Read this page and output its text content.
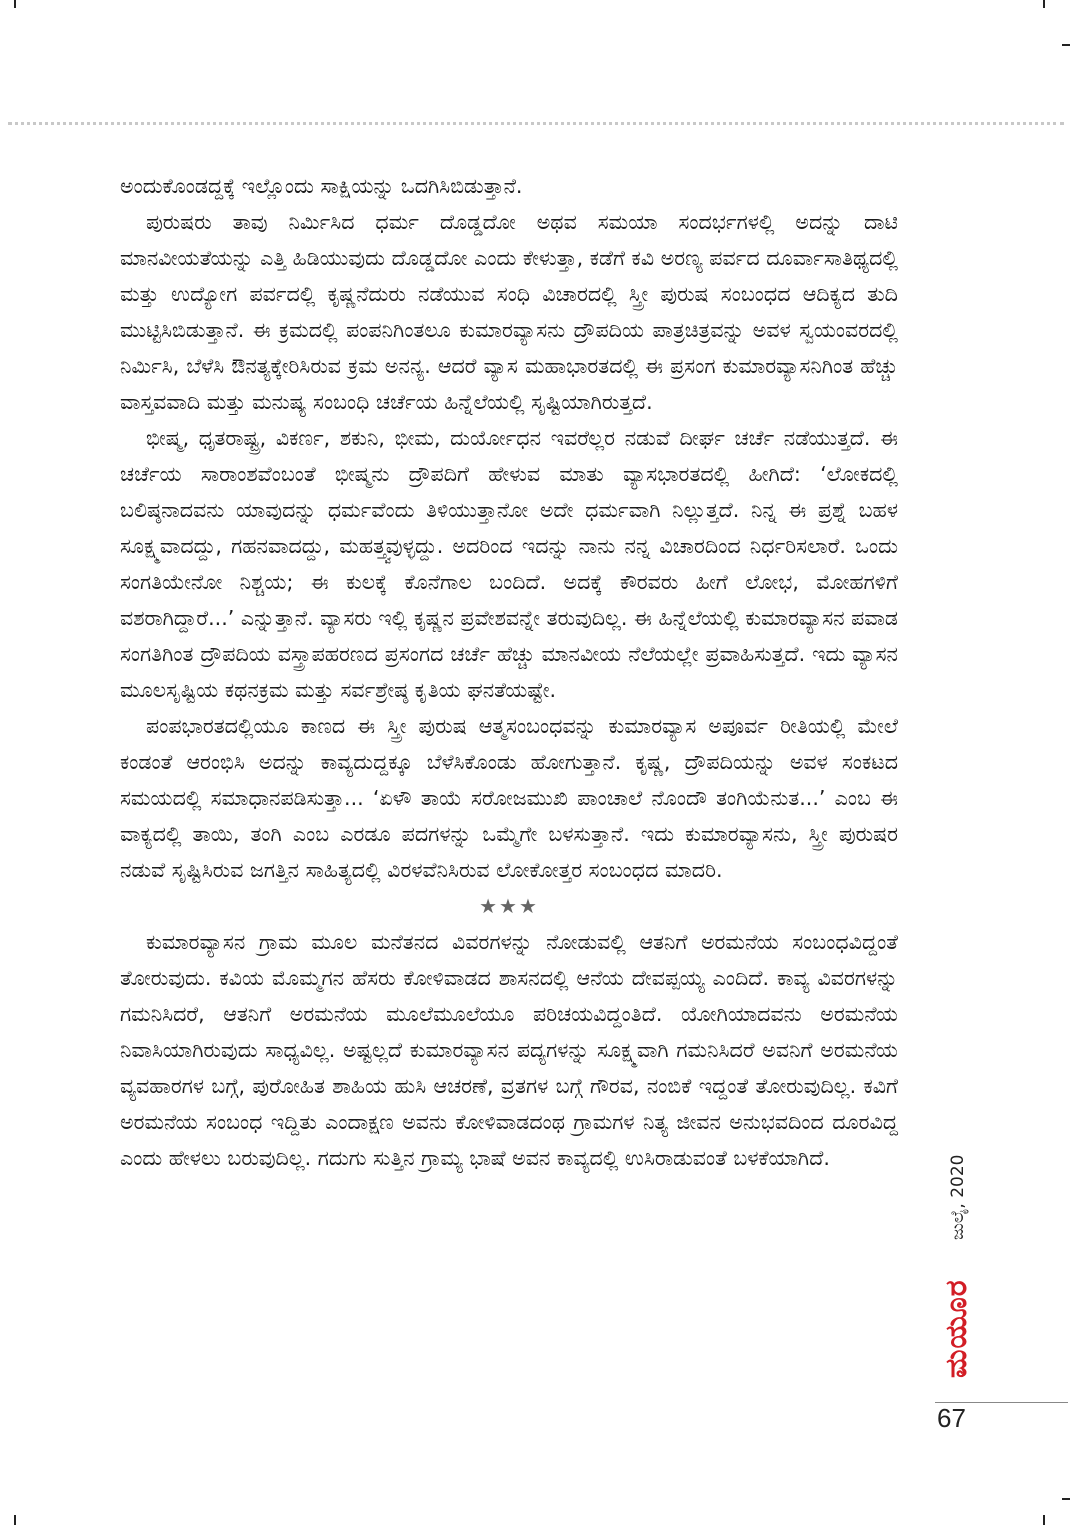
ಅಂದುಕೊಂಡದ್ದಕ್ಕೆ ಇಲ್ಲೊಂದು ಸಾಕ್ಷಿಯನ್ನು ಒದಗಿಸಿಬಿಡುತ್ತಾನೆ.

ಪುರುಷರು ತಾವು ನಿರ್ಮಿಸಿದ ಧರ್ಮ ದೊಡ್ಡದೋ ಅಥವ ಸಮಯಾ ಸಂದರ್ಭಗಳಲ್ಲಿ ಅದನ್ನು ದಾಟಿ ಮಾನವೀಯತೆಯನ್ನು ಎತ್ತಿ ಹಿಡಿಯುವುದು ದೊಡ್ಡದೋ ಎಂದು ಕೇಳುತ್ತಾ, ಕಡೆಗೆ ಕವಿ ಅರಣ್ಯ ಪರ್ವದ ದೂರ್ವಾಸಾತಿಥ್ಯದಲ್ಲಿ ಮತ್ತು ಉದ್ಯೋಗ ಪರ್ವದಲ್ಲಿ ಕೃಷ್ಣನೆದುರು ನಡೆಯುವ ಸಂಧಿ ವಿಚಾರದಲ್ಲಿ ಸ್ತ್ರೀ ಪುರುಷ ಸಂಬಂಧದ ಆದಿಕ್ಯದ ತುದಿ ಮುಟ್ಟಿಸಿಬಿಡುತ್ತಾನೆ. ಈ ಕ್ರಮದಲ್ಲಿ ಪಂಪನಿಗಿಂತಲೂ ಕುಮಾರವ್ಯಾಸನು ದ್ರೌಪದಿಯ ಪಾತ್ರಚಿತ್ರವನ್ನು ಅವಳ ಸ್ವಯಂವರದಲ್ಲಿ ನಿರ್ಮಿಸಿ, ಬೆಳೆಸಿ ಔನತ್ಯಕ್ಕೇರಿಸಿರುವ ಕ್ರಮ ಅನನ್ಯ. ಆದರೆ ವ್ಯಾಸ ಮಹಾಭಾರತದಲ್ಲಿ ಈ ಪ್ರಸಂಗ ಕುಮಾರವ್ಯಾಸನಿಗಿಂತ ಹೆಚ್ಚು ವಾಸ್ತವವಾದಿ ಮತ್ತು ಮನುಷ್ಯ ಸಂಬಂಧಿ ಚರ್ಚೆಯ ಹಿನ್ನೆಲೆಯಲ್ಲಿ ಸೃಷ್ಟಿಯಾಗಿರುತ್ತದೆ.

ಭೀಷ್ಮ, ಧೃತರಾಷ್ಟ್ರ, ವಿಕರ್ಣ, ಶಕುನಿ, ಭೀಮ, ದುರ್ಯೋಧನ ಇವರೆಲ್ಲರ ನಡುವೆ ದೀರ್ಘ ಚರ್ಚೆ ನಡೆಯುತ್ತದೆ. ಈ ಚರ್ಚೆಯ ಸಾರಾಂಶವೆಂಬಂತೆ ಭೀಷ್ಮನು ದ್ರೌಪದಿಗೆ ಹೇಳುವ ಮಾತು ವ್ಯಾಸಭಾರತದಲ್ಲಿ ಹೀಗಿದೆ: ‘ಲೋಕದಲ್ಲಿ ಬಲಿಷ್ಠನಾದವನು ಯಾವುದನ್ನು ಧರ್ಮವೆಂದು ತಿಳಿಯುತ್ತಾನೋ ಅದೇ ಧರ್ಮವಾಗಿ ನಿಲ್ಲುತ್ತದೆ. ನಿನ್ನ ಈ ಪ್ರಶ್ನೆ ಬಹಳ ಸೂಕ್ಷ್ಮವಾದದ್ದು, ಗಹನವಾದದ್ದು, ಮಹತ್ತ್ವವುಳ್ಳದ್ದು. ಅದರಿಂದ ಇದನ್ನು ನಾನು ನನ್ನ ವಿಚಾರದಿಂದ ನಿರ್ಧರಿಸಲಾರೆ. ಒಂದು ಸಂಗತಿಯೇನೋ ನಿಶ್ಚಯ; ಈ ಕುಲಕ್ಕೆ ಕೊನೆಗಾಲ ಬಂದಿದೆ. ಅದಕ್ಕೆ ಕೌರವರು ಹೀಗೆ ಲೋಭ, ಮೋಹಗಳಿಗೆ ವಶರಾಗಿದ್ದಾರೆ...’ ಎನ್ನುತ್ತಾನೆ. ವ್ಯಾಸರು ಇಲ್ಲಿ ಕೃಷ್ಣನ ಪ್ರವೇಶವನ್ನೇ ತರುವುದಿಲ್ಲ. ಈ ಹಿನ್ನೆಲೆಯಲ್ಲಿ ಕುಮಾರವ್ಯಾಸನ ಪವಾಡ ಸಂಗತಿಗಿಂತ ದ್ರೌಪದಿಯ ವಸ್ತ್ರಾಪಹರಣದ ಪ್ರಸಂಗದ ಚರ್ಚೆ ಹೆಚ್ಚು ಮಾನವೀಯ ನೆಲೆಯಲ್ಲೇ ಪ್ರವಾಹಿಸುತ್ತದೆ. ಇದು ವ್ಯಾಸನ ಮೂಲಸೃಷ್ಟಿಯ ಕಥನಕ್ರಮ ಮತ್ತು ಸರ್ವಶ್ರೇಷ್ಠ ಕೃತಿಯ ಘನತೆಯಷ್ಟೇ.

ಪಂಪಭಾರತದಲ್ಲಿಯೂ ಕಾಣದ ಈ ಸ್ತ್ರೀ ಪುರುಷ ಆತ್ಮಸಂಬಂಧವನ್ನು ಕುಮಾರವ್ಯಾಸ ಅಪೂರ್ವ ರೀತಿಯಲ್ಲಿ ಮೇಲೆ ಕಂಡಂತೆ ಆರಂಭಿಸಿ ಅದನ್ನು ಕಾವ್ಯದುದ್ದಕ್ಕೂ ಬೆಳೆಸಿಕೊಂಡು ಹೋಗುತ್ತಾನೆ. ಕೃಷ್ಣ, ದ್ರೌಪದಿಯನ್ನು ಅವಳ ಸಂಕಟದ ಸಮಯದಲ್ಲಿ ಸಮಾಧಾನಪಡಿಸುತ್ತಾ... ‘ಏಳೌ ತಾಯೆ ಸರೋಜಮುಖಿ ಪಾಂಚಾಲೆ ನೊಂದೌ ತಂಗಿಯೆನುತ...’ ಎಂಬ ಈ ವಾಕ್ಯದಲ್ಲಿ ತಾಯಿ, ತಂಗಿ ಎಂಬ ಎರಡೂ ಪದಗಳನ್ನು ಒಮ್ಮೆಗೇ ಬಳಸುತ್ತಾನೆ. ಇದು ಕುಮಾರವ್ಯಾಸನು, ಸ್ತ್ರೀ ಪುರುಷರ ನಡುವೆ ಸೃಷ್ಟಿಸಿರುವ ಜಗತ್ತಿನ ಸಾಹಿತ್ಯದಲ್ಲಿ ವಿರಳವೆನಿಸಿರುವ ಲೋಕೋತ್ತರ ಸಂಬಂಧದ ಮಾದರಿ.

★★★

ಕುಮಾರವ್ಯಾಸನ ಗ್ರಾಮ ಮೂಲ ಮನೆತನದ ವಿವರಗಳನ್ನು ನೋಡುವಲ್ಲಿ ಆತನಿಗೆ ಅರಮನೆಯ ಸಂಬಂಧವಿದ್ದಂತೆ ತೋರುವುದು. ಕವಿಯ ಮೊಮ್ಮಗನ ಹೆಸರು ಕೋಳಿವಾಡದ ಶಾಸನದಲ್ಲಿ ಆನೆಯ ದೇವಪ್ಪಯ್ಯ ಎಂದಿದೆ. ಕಾವ್ಯ ವಿವರಗಳನ್ನು ಗಮನಿಸಿದರೆ, ಆತನಿಗೆ ಅರಮನೆಯ ಮೂಲೆಮೂಲೆಯೂ ಪರಿಚಯವಿದ್ದಂತಿದೆ. ಯೋಗಿಯಾದವನು ಅರಮನೆಯ ನಿವಾಸಿಯಾಗಿರುವುದು ಸಾಧ್ಯವಿಲ್ಲ. ಅಷ್ಟಲ್ಲದೆ ಕುಮಾರವ್ಯಾಸನ ಪದ್ಯಗಳನ್ನು ಸೂಕ್ಷ್ಮವಾಗಿ ಗಮನಿಸಿದರೆ ಅವನಿಗೆ ಅರಮನೆಯ ವ್ಯವಹಾರಗಳ ಬಗ್ಗೆ, ಪುರೋಹಿತ ಶಾಹಿಯ ಹುಸಿ ಆಚರಣೆ, ವ್ರತಗಳ ಬಗ್ಗೆ ಗೌರವ, ನಂಬಿಕೆ ಇದ್ದಂತೆ ತೋರುವುದಿಲ್ಲ. ಕವಿಗೆ ಅರಮನೆಯ ಸಂಬಂಧ ಇದ್ದಿತು ಎಂದಾಕ್ಷಣ ಅವನು ಕೋಳಿವಾಡದಂಥ ಗ್ರಾಮಗಳ ನಿತ್ಯ ಜೀವನ ಅನುಭವದಿಂದ ದೂರವಿದ್ದ ಎಂದು ಹೇಳಲು ಬರುವುದಿಲ್ಲ. ಗದುಗು ಸುತ್ತಿನ ಗ್ರಾಮ್ಯ ಭಾಷೆ ಅವನ ಕಾವ್ಯದಲ್ಲಿ ಉಸಿರಾಡುವಂತೆ ಬಳಕೆಯಾಗಿದೆ.	ಜುಲೈ, 2020
ಮಯೂರ
67
